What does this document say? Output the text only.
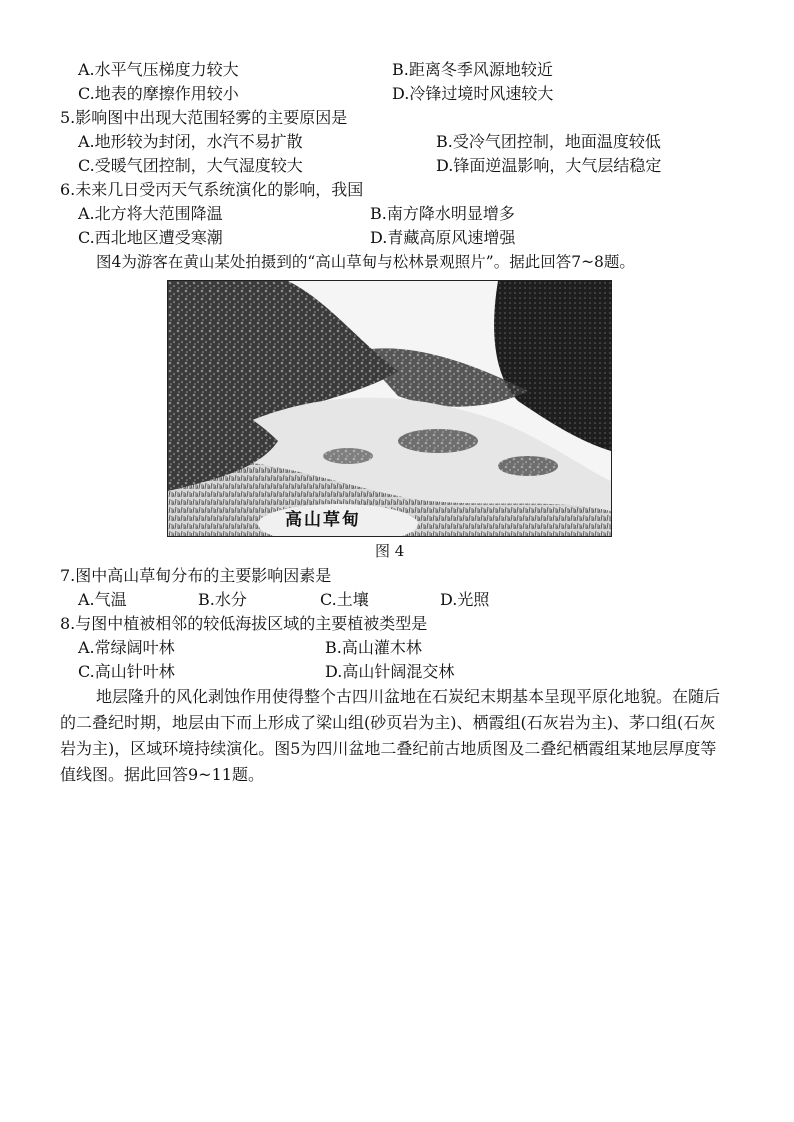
A.水平气压梯度力较大	B.距离冬季风源地较近
C.地表的摩擦作用较小	D.冷锋过境时风速较大
5.影响图中出现大范围轻雾的主要原因是
A.地形较为封闭，水汽不易扩散	B.受冷气团控制，地面温度较低
C.受暖气团控制，大气湿度较大	D.锋面逆温影响，大气层结稳定
6.未来几日受丙天气系统演化的影响，我国
A.北方将大范围降温	B.南方降水明显增多
C.西北地区遭受寒潮	D.青藏高原风速增强
图4为游客在黄山某处拍摄到的“高山草甸与松林景观照片”。据此回答7~8题。
高山草甸
图 4
7.图中高山草甸分布的主要影响因素是
A.气温	B.水分	C.土壤	D.光照
8.与图中植被相邻的较低海拔区域的主要植被类型是
A.常绿阔叶林	B.高山灌木林
C.高山针叶林	D.高山针阔混交林
地层隆升的风化剥蚀作用使得整个古四川盆地在石炭纪末期基本呈现平原化地貌。在随后的二叠纪时期，地层由下而上形成了梁山组(砂页岩为主)、栖霞组(石灰岩为主)、茅口组(石灰岩为主)，区域环境持续演化。图5为四川盆地二叠纪前古地质图及二叠纪栖霞组某地层厚度等值线图。据此回答9~11题。
